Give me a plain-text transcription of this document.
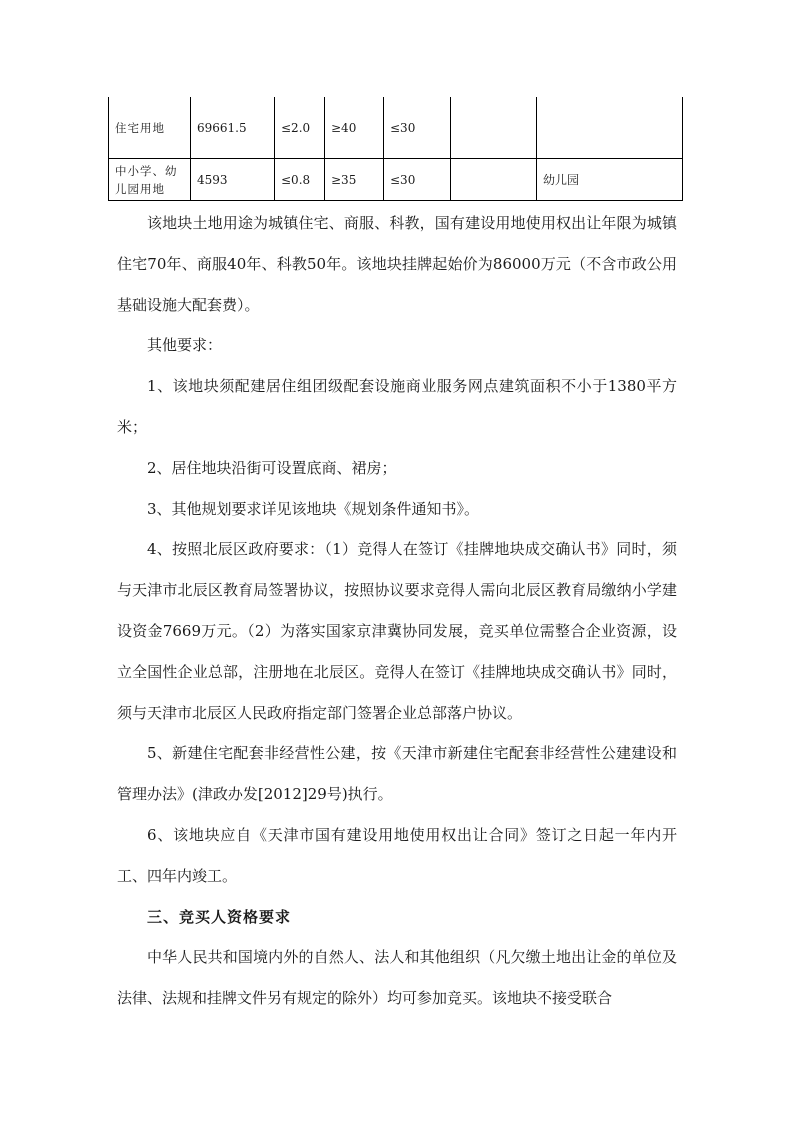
住宅用地	69661.5	≤2.0	≥40	≤30		
中小学、幼儿园用地	4593	≤0.8	≥35	≤30		幼儿园

该地块土地用途为城镇住宅、商服、科教，国有建设用地使用权出让年限为城镇住宅70年、商服40年、科教50年。该地块挂牌起始价为86000万元（不含市政公用基础设施大配套费）。

其他要求：

1、该地块须配建居住组团级配套设施商业服务网点建筑面积不小于1380平方米；

2、居住地块沿街可设置底商、裙房；

3、其他规划要求详见该地块《规划条件通知书》。

4、按照北辰区政府要求：（1）竞得人在签订《挂牌地块成交确认书》同时，须与天津市北辰区教育局签署协议，按照协议要求竞得人需向北辰区教育局缴纳小学建设资金7669万元。（2）为落实国家京津冀协同发展，竞买单位需整合企业资源，设立全国性企业总部，注册地在北辰区。竞得人在签订《挂牌地块成交确认书》同时，须与天津市北辰区人民政府指定部门签署企业总部落户协议。

5、新建住宅配套非经营性公建，按《天津市新建住宅配套非经营性公建建设和管理办法》(津政办发[2012]29号)执行。

6、该地块应自《天津市国有建设用地使用权出让合同》签订之日起一年内开工、四年内竣工。

三、竞买人资格要求

中华人民共和国境内外的自然人、法人和其他组织（凡欠缴土地出让金的单位及法律、法规和挂牌文件另有规定的除外）均可参加竞买。该地块不接受联合
